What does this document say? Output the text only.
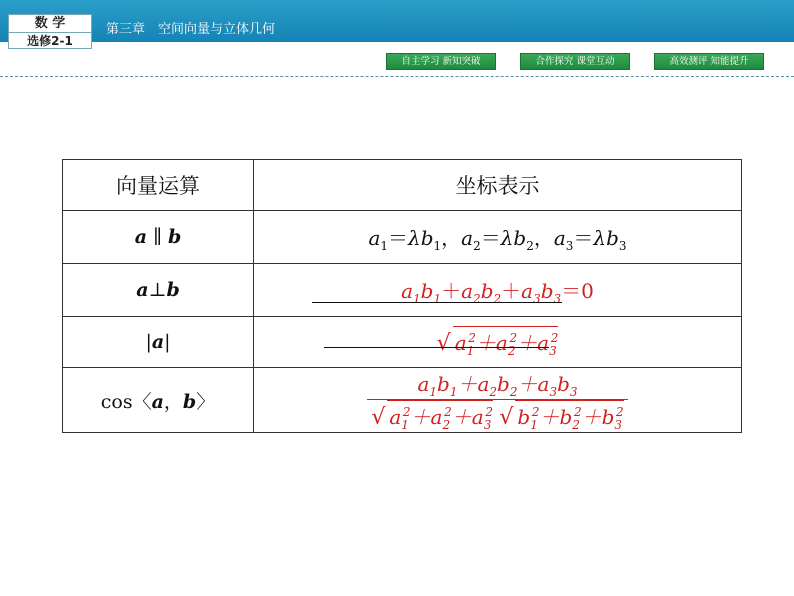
数 学
选修2-1
第三章　空间向量与立体几何
自主学习 新知突破	合作探究 课堂互动	高效测评 知能提升
向量运算	坐标表示
a ∥ b	$a_1=\lambda b_1$，$a_2=\lambda b_2$，$a_3=\lambda b_3$
a⊥b	$a_1b_1+a_2b_2+a_3b_3=0$
|a|	√ $a_1^2+a_2^2+a_3^2$
cos〈a，b〉	$\frac{a_1b_1+a_2b_2+a_3b_3}{√ a_1^2+a_2^2+a_3^2 √ b_1^2+b_2^2+b_3^2}$
